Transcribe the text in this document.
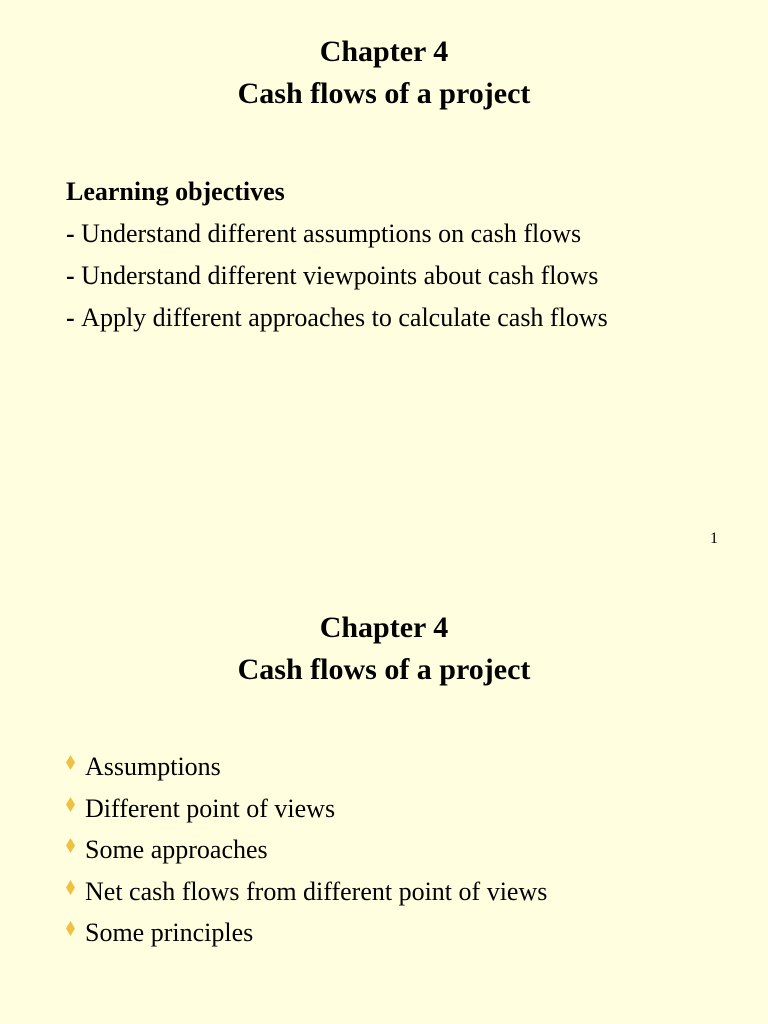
Chapter 4
Cash flows of a project
Learning objectives
- Understand different assumptions on cash flows
- Understand different viewpoints about cash flows
- Apply different approaches to calculate cash flows
1
Chapter 4
Cash flows of a project
Assumptions
Different point of views
Some approaches
Net cash flows from different point of views
Some principles
